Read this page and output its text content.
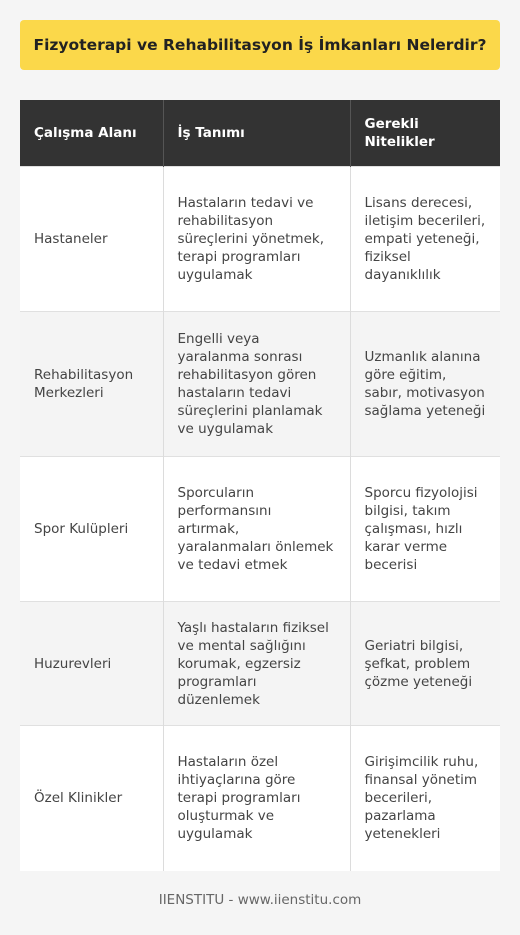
Fizyoterapi ve Rehabilitasyon İş İmkanları Nelerdir?
Çalışma Alanı	İş Tanımı	Gerekli Nitelikler
Hastaneler	Hastaların tedavi ve rehabilitasyon süreçlerini yönetmek, terapi programları uygulamak	Lisans derecesi, iletişim becerileri, empati yeteneği, fiziksel dayanıklılık
Rehabilitasyon Merkezleri	Engelli veya yaralanma sonrası rehabilitasyon gören hastaların tedavi süreçlerini planlamak ve uygulamak	Uzmanlık alanına göre eğitim, sabır, motivasyon sağlama yeteneği
Spor Kulüpleri	Sporcuların performansını artırmak, yaralanmaları önlemek ve tedavi etmek	Sporcu fizyolojisi bilgisi, takım çalışması, hızlı karar verme becerisi
Huzurevleri	Yaşlı hastaların fiziksel ve mental sağlığını korumak, egzersiz programları düzenlemek	Geriatri bilgisi, şefkat, problem çözme yeteneği
Özel Klinikler	Hastaların özel ihtiyaçlarına göre terapi programları oluşturmak ve uygulamak	Girişimcilik ruhu, finansal yönetim becerileri, pazarlama yetenekleri
IIENSTITU - www.iienstitu.com
